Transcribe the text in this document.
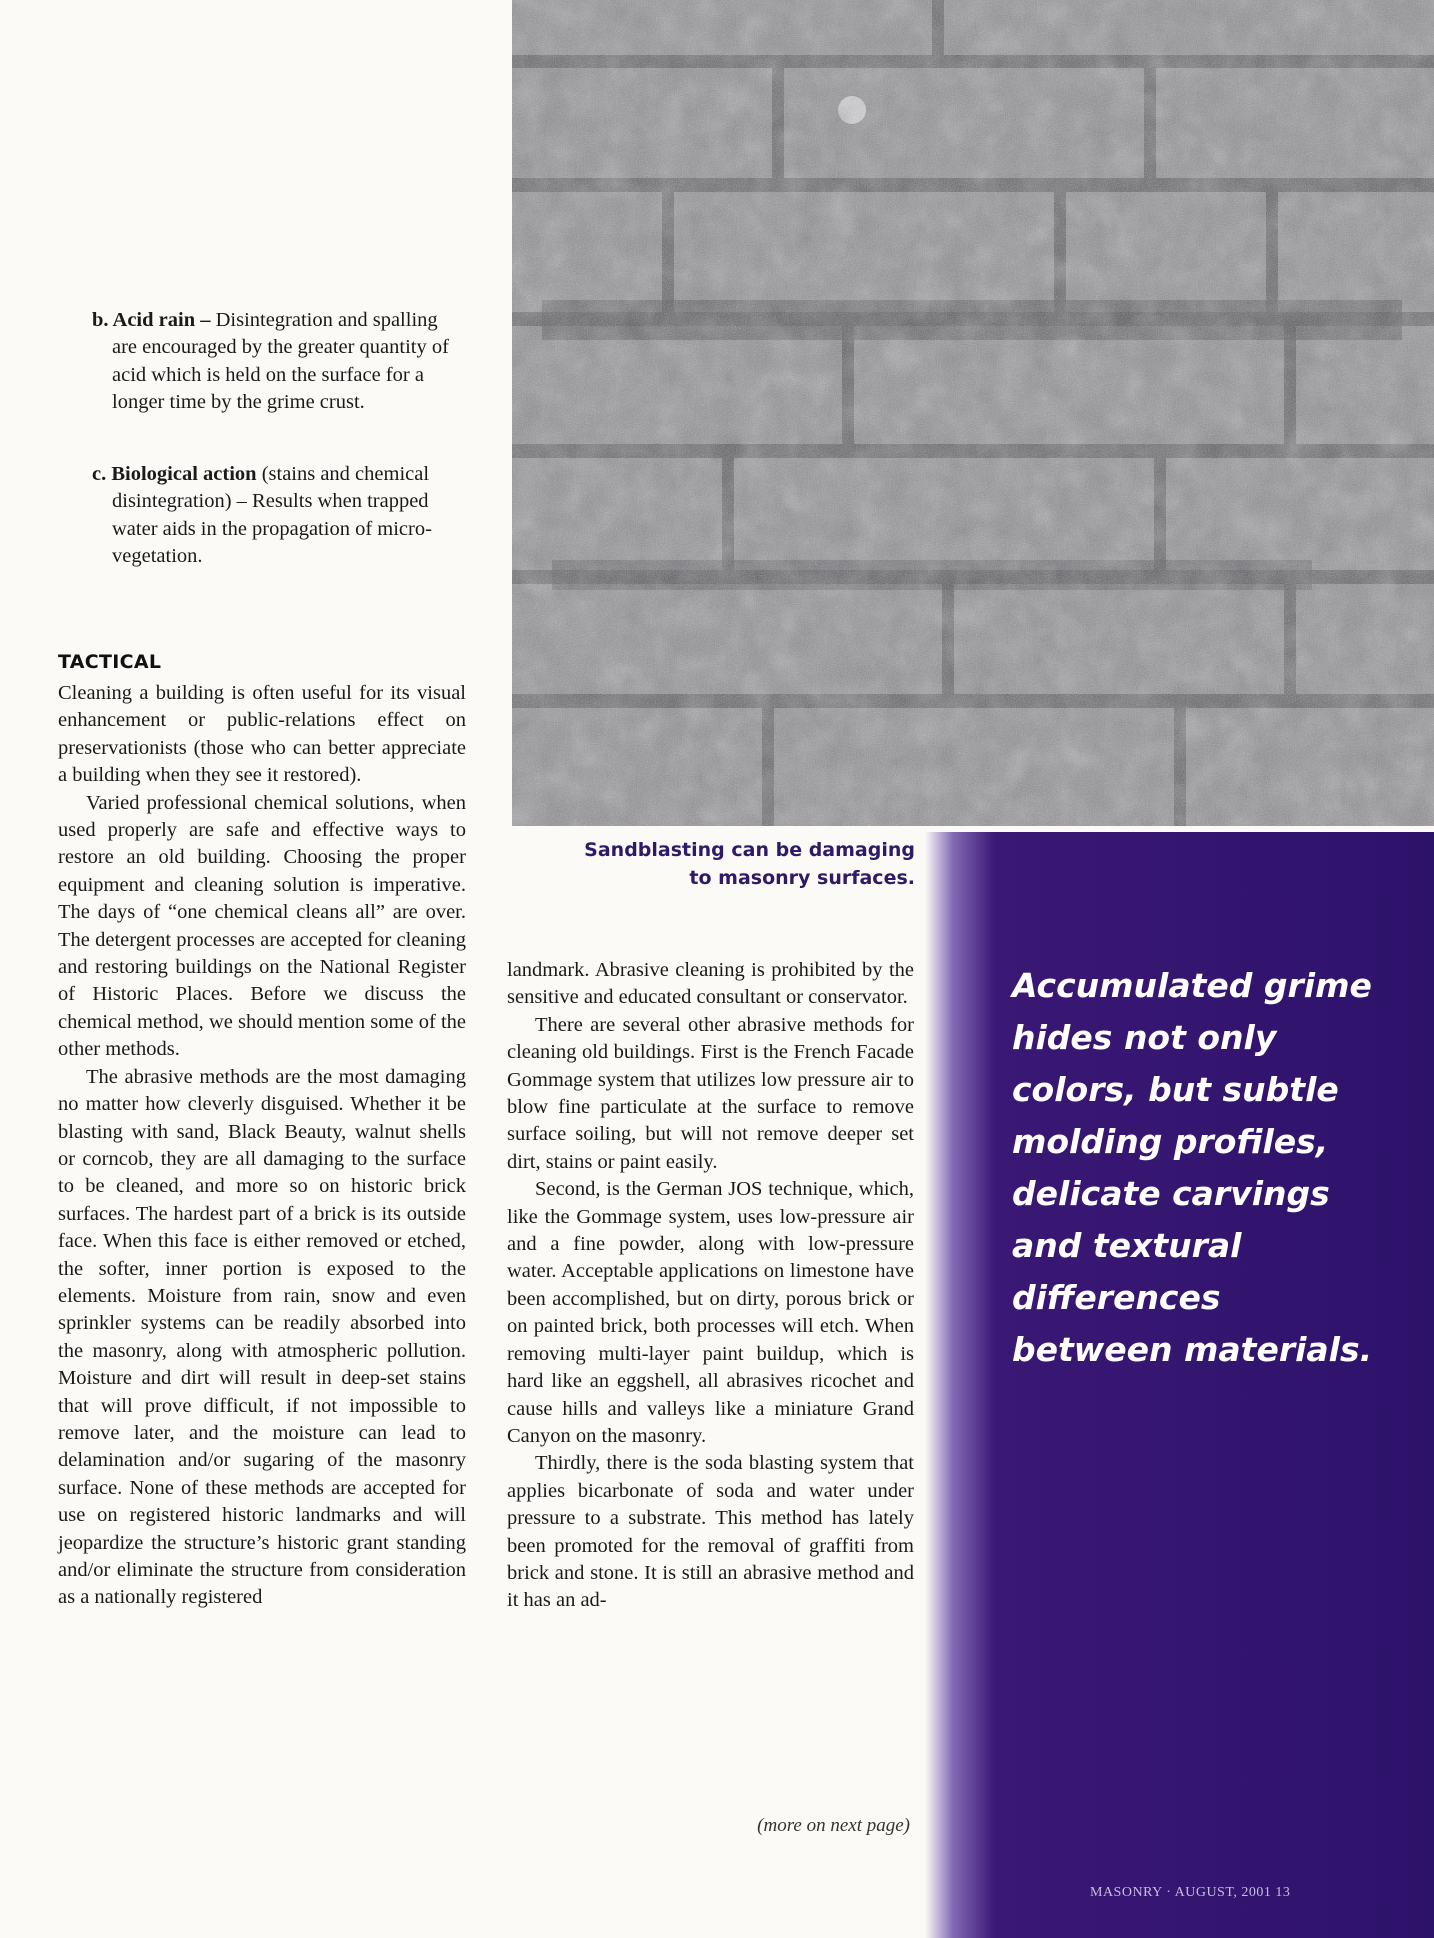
Sandblasting can be damaging
to masonry surfaces.
b. Acid rain – Disintegration and spalling are encouraged by the greater quantity of acid which is held on the surface for a longer time by the grime crust.
c. Biological action (stains and chemical disintegration) – Results when trapped water aids in the propagation of micro-vegetation.
TACTICAL

Cleaning a building is often useful for its visual enhancement or public-relations effect on preservationists (those who can better appreciate a building when they see it restored).

Varied professional chemical solutions, when used properly are safe and effective ways to restore an old building. Choosing the proper equipment and cleaning solution is imperative. The days of “one chemical cleans all” are over. The detergent processes are accepted for cleaning and restoring buildings on the National Register of Historic Places. Before we discuss the chemical method, we should mention some of the other methods.

The abrasive methods are the most damaging no matter how cleverly disguised. Whether it be blasting with sand, Black Beauty, walnut shells or corncob, they are all damaging to the surface to be cleaned, and more so on historic brick surfaces. The hardest part of a brick is its outside face. When this face is either removed or etched, the softer, inner portion is exposed to the elements. Moisture from rain, snow and even sprinkler systems can be readily absorbed into the masonry, along with atmospheric pollution. Moisture and dirt will result in deep-set stains that will prove difficult, if not impossible to remove later, and the moisture can lead to delamination and/or sugaring of the masonry surface. None of these methods are accepted for use on registered historic landmarks and will jeopardize the structure’s historic grant standing and/or eliminate the structure from consideration as a nationally registered

landmark. Abrasive cleaning is prohibited by the sensitive and educated consultant or conservator.

There are several other abrasive methods for cleaning old buildings. First is the French Facade Gommage system that utilizes low pressure air to blow fine particulate at the surface to remove surface soiling, but will not remove deeper set dirt, stains or paint easily.

Second, is the German JOS technique, which, like the Gommage system, uses low-pressure air and a fine powder, along with low-pressure water. Acceptable applications on limestone have been accomplished, but on dirty, porous brick or on painted brick, both processes will etch. When removing multi-layer paint buildup, which is hard like an eggshell, all abrasives ricochet and cause hills and valleys like a miniature Grand Canyon on the masonry.

Thirdly, there is the soda blasting system that applies bicarbonate of soda and water under pressure to a substrate. This method has lately been promoted for the removal of graffiti from brick and stone. It is still an abrasive method and it has an ad-

(more on next page)
Accumulated grime
hides not only
colors, but subtle
molding profiles,
delicate carvings
and textural
differences
between materials.
MASONRY · AUGUST, 2001 13
